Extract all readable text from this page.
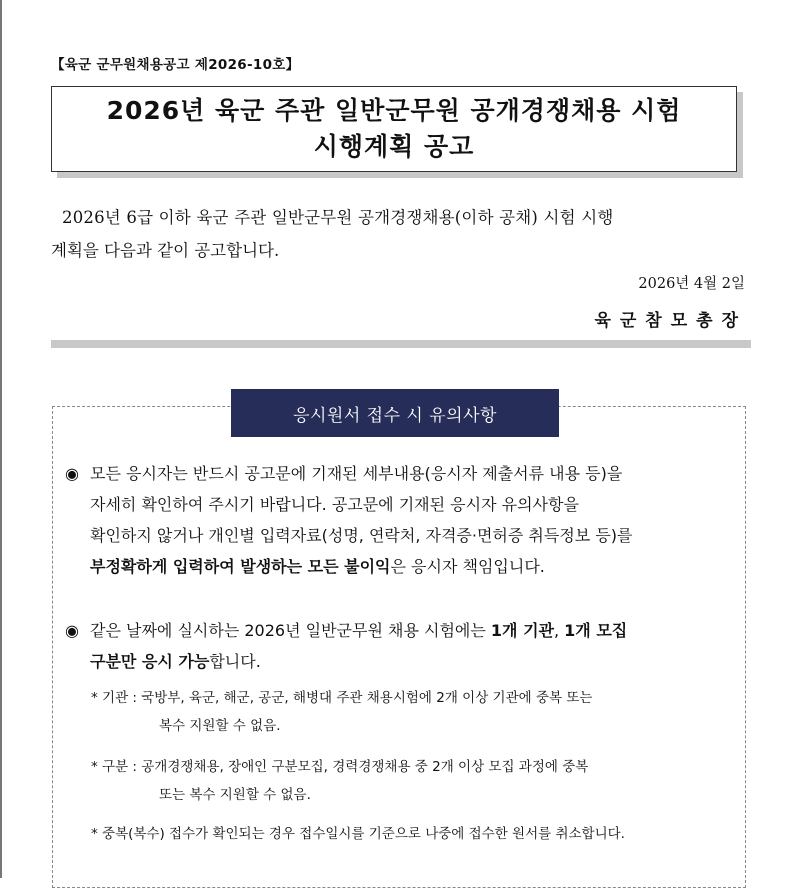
【육군 군무원채용공고 제2026-10호】
2026년 육군 주관 일반군무원 공개경쟁채용 시험
시행계획 공고
2026년 6급 이하 육군 주관 일반군무원 공개경쟁채용(이하 공채) 시험 시행
계획을 다음과 같이 공고합니다.
2026년 4월 2일
육군참모총장
응시원서 접수 시 유의사항
◉ 모든 응시자는 반드시 공고문에 기재된 세부내용(응시자 제출서류 내용 등)을
자세히 확인하여 주시기 바랍니다. 공고문에 기재된 응시자 유의사항을
확인하지 않거나 개인별 입력자료(성명, 연락처, 자격증·면허증 취득정보 등)를
부정확하게 입력하여 발생하는 모든 불이익은 응시자 책임입니다.
◉ 같은 날짜에 실시하는 2026년 일반군무원 채용 시험에는 1개 기관, 1개 모집
구분만 응시 가능합니다.
* 기관 :
국방부, 육군, 해군, 공군, 해병대 주관 채용시험에 2개 이상 기관에 중복 또는
복수 지원할 수 없음.
* 구분 :
공개경쟁채용, 장애인 구분모집, 경력경쟁채용 중 2개 이상 모집 과정에 중복
또는 복수 지원할 수 없음.
* 중복(복수) 접수가 확인되는 경우 접수일시를 기준으로 나중에 접수한 원서를 취소합니다.
